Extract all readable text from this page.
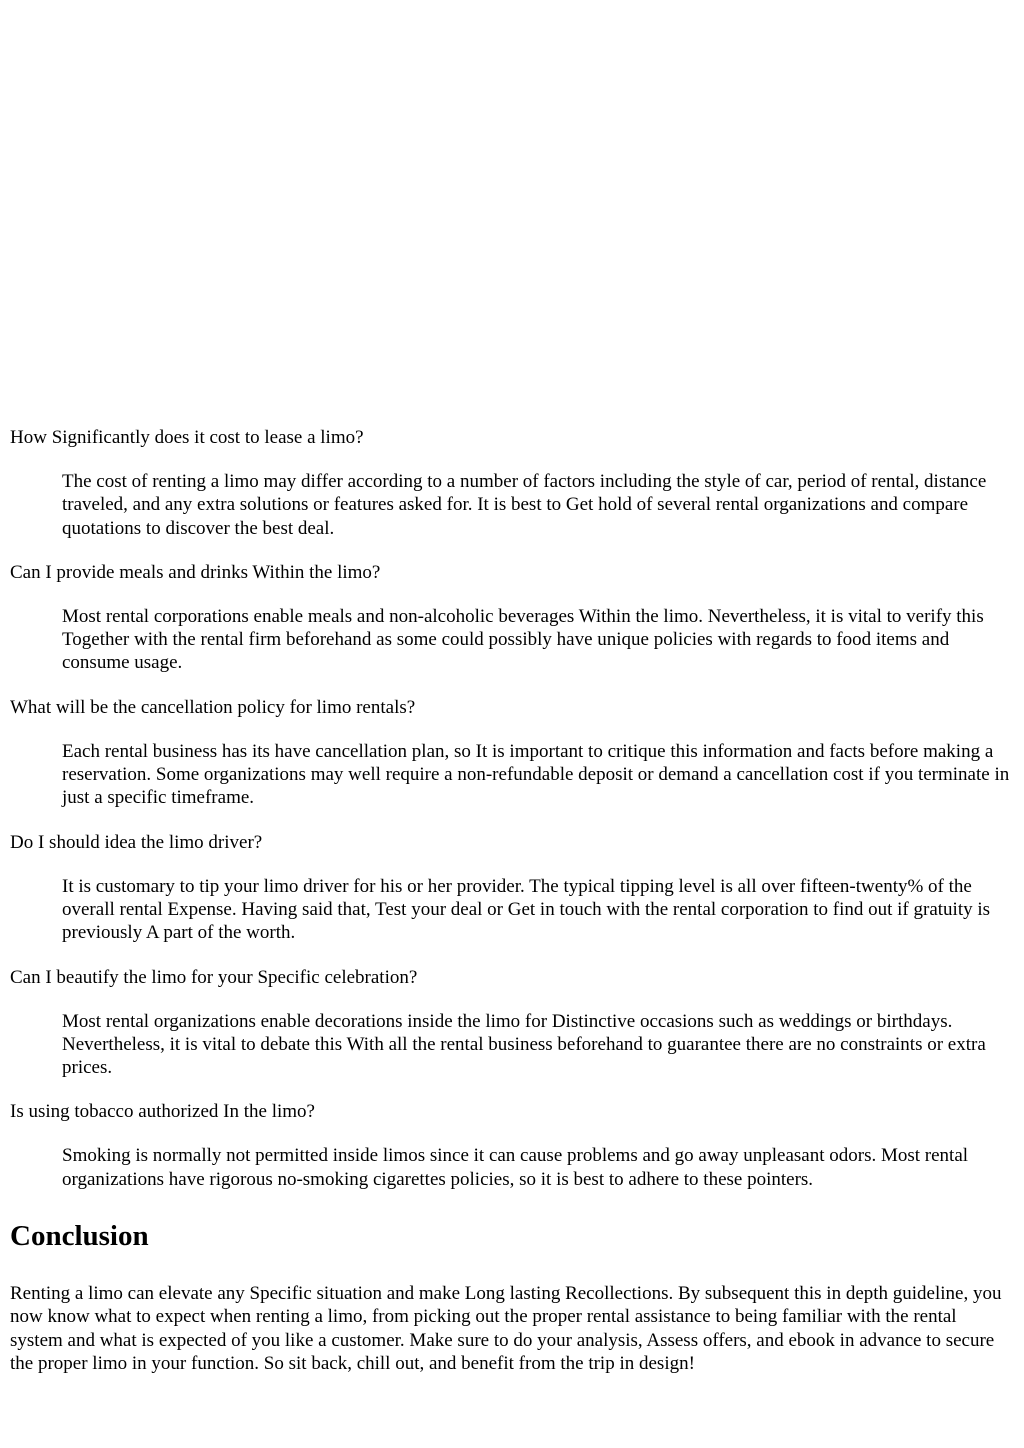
How Significantly does it cost to lease a limo?

The cost of renting a limo may differ according to a number of factors including the style of car, period of rental, distance traveled, and any extra solutions or features asked for. It is best to Get hold of several rental organizations and compare quotations to discover the best deal.

Can I provide meals and drinks Within the limo?

Most rental corporations enable meals and non-alcoholic beverages Within the limo. Nevertheless, it is vital to verify this Together with the rental firm beforehand as some could possibly have unique policies with regards to food items and consume usage.

What will be the cancellation policy for limo rentals?

Each rental business has its have cancellation plan, so It is important to critique this information and facts before making a reservation. Some organizations may well require a non-refundable deposit or demand a cancellation cost if you terminate in just a specific timeframe.

Do I should idea the limo driver?

It is customary to tip your limo driver for his or her provider. The typical tipping level is all over fifteen-twenty% of the overall rental Expense. Having said that, Test your deal or Get in touch with the rental corporation to find out if gratuity is previously A part of the worth.

Can I beautify the limo for your Specific celebration?

Most rental organizations enable decorations inside the limo for Distinctive occasions such as weddings or birthdays. Nevertheless, it is vital to debate this With all the rental business beforehand to guarantee there are no constraints or extra prices.

Is using tobacco authorized In the limo?

Smoking is normally not permitted inside limos since it can cause problems and go away unpleasant odors. Most rental organizations have rigorous no-smoking cigarettes policies, so it is best to adhere to these pointers.

Conclusion

Renting a limo can elevate any Specific situation and make Long lasting Recollections. By subsequent this in depth guideline, you now know what to expect when renting a limo, from picking out the proper rental assistance to being familiar with the rental system and what is expected of you like a customer. Make sure to do your analysis, Assess offers, and ebook in advance to secure the proper limo in your function. So sit back, chill out, and benefit from the trip in design!
